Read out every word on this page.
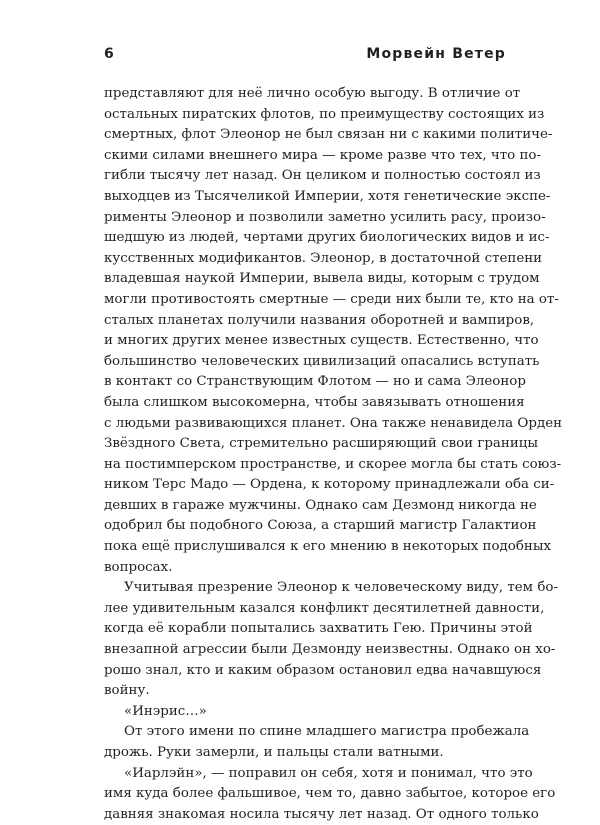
6	Морвейн Ветер
представляют для неё лично особую выгоду. В отличие от
остальных пиратских флотов, по преимуществу состоящих из
смертных, флот Элеонор не был связан ни с какими политиче-
скими силами внешнего мира — кроме разве что тех, что по-
гибли тысячу лет назад. Он целиком и полностью состоял из
выходцев из Тысячеликой Империи, хотя генетические экспе-
рименты Элеонор и позволили заметно усилить расу, произо-
шедшую из людей, чертами других биологических видов и ис-
кусственных модификантов. Элеонор, в достаточной степени
владевшая наукой Империи, вывела виды, которым с трудом
могли противостоять смертные — среди них были те, кто на от-
сталых планетах получили названия оборотней и вампиров,
и многих других менее известных существ. Естественно, что
большинство человеческих цивилизаций опасались вступать
в контакт со Странствующим Флотом — но и сама Элеонор
была слишком высокомерна, чтобы завязывать отношения
с людьми развивающихся планет. Она также ненавидела Орден
Звёздного Света, стремительно расширяющий свои границы
на постимперском пространстве, и скорее могла бы стать союз-
ником Терс Мадо — Ордена, к которому принадлежали оба си-
девших в гараже мужчины. Однако сам Дезмонд никогда не
одобрил бы подобного Союза, а старший магистр Галактион
пока ещё прислушивался к его мнению в некоторых подобных
вопросах.
Учитывая презрение Элеонор к человеческому виду, тем бо-
лее удивительным казался конфликт десятилетней давности,
когда её корабли попытались захватить Гею. Причины этой
внезапной агрессии были Дезмонду неизвестны. Однако он хо-
рошо знал, кто и каким образом остановил едва начавшуюся
войну.
«Инэрис…»
От этого имени по спине младшего магистра пробежала
дрожь. Руки замерли, и пальцы стали ватными.
«Иарлэйн», — поправил он себя, хотя и понимал, что это
имя куда более фальшивое, чем то, давно забытое, которое его
давняя знакомая носила тысячу лет назад. От одного только
